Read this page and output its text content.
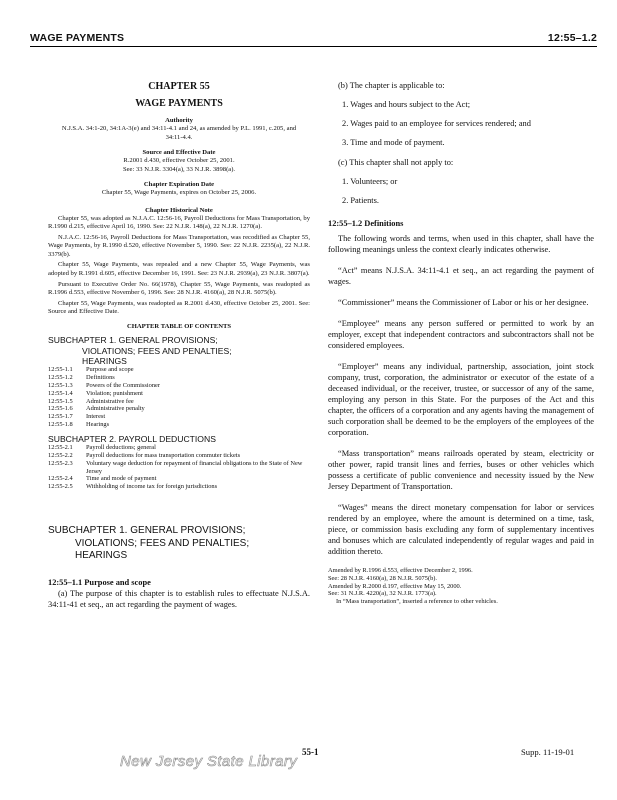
WAGE PAYMENTS	12:55–1.2
CHAPTER 55
WAGE PAYMENTS
Authority
N.J.S.A. 34:1-20, 34:1A-3(e) and 34:11-4.1 and 24, as amended by P.L. 1991, c.205, and 34:11-4.4.
Source and Effective Date
R.2001 d.430, effective October 25, 2001.
See: 33 N.J.R. 3304(a), 33 N.J.R. 3898(a).
Chapter Expiration Date
Chapter 55, Wage Payments, expires on October 25, 2006.
Chapter Historical Note
Chapter 55, was adopted as N.J.A.C. 12:56-16, Payroll Deductions for Mass Transportation, by R.1990 d.215, effective April 16, 1990. See: 22 N.J.R. 148(a), 22 N.J.R. 1270(a).
N.J.A.C. 12:56-16, Payroll Deductions for Mass Transportation, was recodified as Chapter 55, Wage Payments, by R.1990 d.520, effective November 5, 1990. See: 22 N.J.R. 2235(a), 22 N.J.R. 3379(b).
Chapter 55, Wage Payments, was repealed and a new Chapter 55, Wage Payments, was adopted by R.1991 d.605, effective December 16, 1991. See: 23 N.J.R. 2939(a), 23 N.J.R. 3807(a).
Pursuant to Executive Order No. 66(1978), Chapter 55, Wage Payments, was readopted as R.1996 d.553, effective November 6, 1996. See: 28 N.J.R. 4160(a), 28 N.J.R. 5075(b).
Chapter 55, Wage Payments, was readopted as R.2001 d.430, effective October 25, 2001. See: Source and Effective Date.
CHAPTER TABLE OF CONTENTS
SUBCHAPTER 1. GENERAL PROVISIONS;
VIOLATIONS; FEES AND PENALTIES;
HEARINGS
12:55-1.1	Purpose and scope
12:55-1.2	Definitions
12:55-1.3	Powers of the Commissioner
12:55-1.4	Violation; punishment
12:55-1.5	Administrative fee
12:55-1.6	Administrative penalty
12:55-1.7	Interest
12:55-1.8	Hearings
SUBCHAPTER 2. PAYROLL DEDUCTIONS
12:55-2.1	Payroll deductions; general
12:55-2.2	Payroll deductions for mass transportation commuter tickets
12:55-2.3	Voluntary wage deduction for repayment of financial obligations to the State of New Jersey
12:55-2.4	Time and mode of payment
12:55-2.5	Withholding of income tax for foreign jurisdictions
SUBCHAPTER 1. GENERAL PROVISIONS;
VIOLATIONS; FEES AND PENALTIES;
HEARINGS
12:55–1.1 Purpose and scope
(a) The purpose of this chapter is to establish rules to effectuate N.J.S.A. 34:11-41 et seq., an act regarding the payment of wages.
(b) The chapter is applicable to:
1. Wages and hours subject to the Act;
2. Wages paid to an employee for services rendered; and
3. Time and mode of payment.
(c) This chapter shall not apply to:
1. Volunteers; or
2. Patients.
12:55–1.2 Definitions
The following words and terms, when used in this chapter, shall have the following meanings unless the context clearly indicates otherwise.
“Act” means N.J.S.A. 34:11-4.1 et seq., an act regarding the payment of wages.
“Commissioner” means the Commissioner of Labor or his or her designee.
“Employee” means any person suffered or permitted to work by an employer, except that independent contractors and subcontractors shall not be considered employees.
“Employer” means any individual, partnership, association, joint stock company, trust, corporation, the administrator or executor of the estate of a deceased individual, or the receiver, trustee, or successor of any of the same, employing any person in this State. For the purposes of the Act and this chapter, the officers of a corporation and any agents having the management of such corporation shall be deemed to be the employers of the employees of the corporation.
“Mass transportation” means railroads operated by steam, electricity or other power, rapid transit lines and ferries, buses or other vehicles which possess a certificate of public convenience and necessity issued by the New Jersey Department of Transportation.
“Wages” means the direct monetary compensation for labor or services rendered by an employee, where the amount is determined on a time, task, piece, or commission basis excluding any form of supplementary incentives and bonuses which are calculated independently of regular wages and paid in addition thereto.
Amended by R.1996 d.553, effective December 2, 1996.
See: 28 N.J.R. 4160(a), 28 N.J.R. 5075(b).
Amended by R.2000 d.197, effective May 15, 2000.
See: 31 N.J.R. 4220(a), 32 N.J.R. 1773(a).
In “Mass transportation”, inserted a reference to other vehicles.
55-1	Supp. 11-19-01
New Jersey State Library
